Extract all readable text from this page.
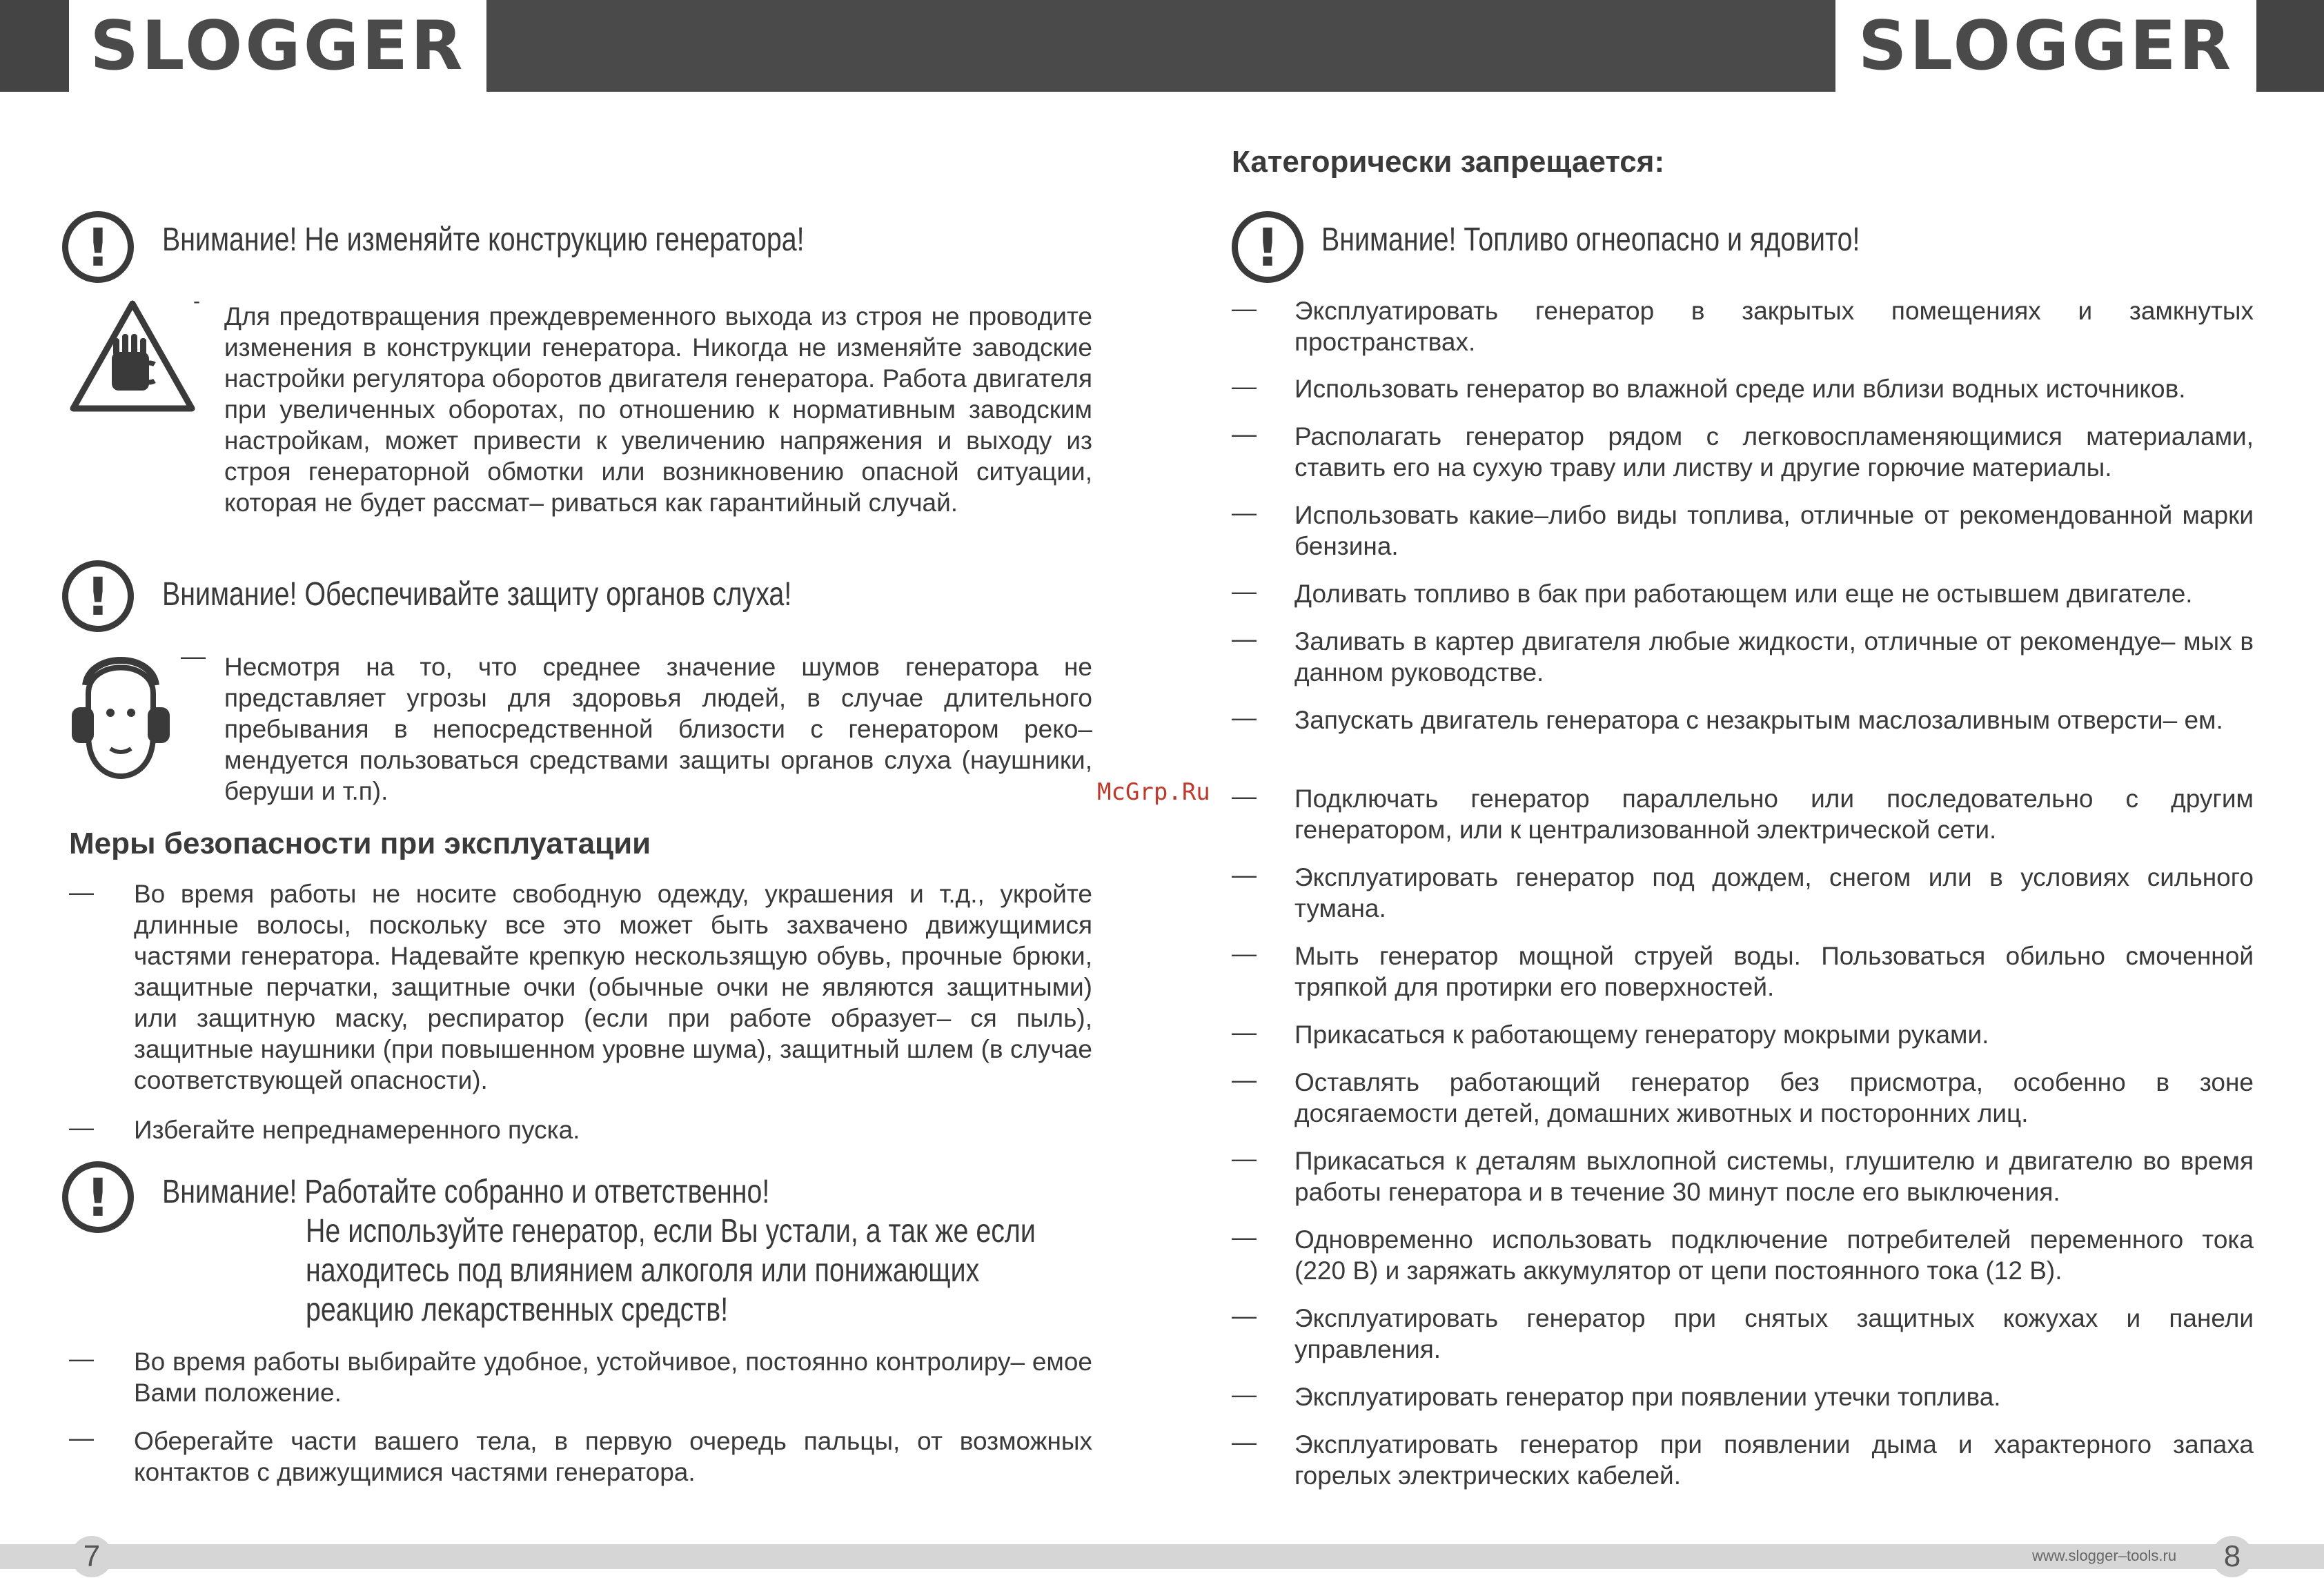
SLOGGER	SLOGGER
! Внимание! Не изменяйте конструкцию генератора!
-
Для предотвращения преждевременного выхода из строя не проводите изменения в конструкции генератора. Никогда не изменяйте заводские настройки регулятора оборотов двигателя генератора. Работа двигателя при увеличенных оборотах, по отношению к нормативным заводским настройкам, может привести к увеличению напряжения и выходу из строя генераторной обмотки или возникновению опасной ситуации, которая не будет рассмат– риваться как гарантийный случай.
! Внимание! Обеспечивайте защиту органов слуха!
— Несмотря на то, что среднее значение шумов генератора не представляет угрозы для здоровья людей, в случае длительного пребывания в непосредственной близости с генератором реко– мендуется пользоваться средствами защиты органов слуха (наушники, беруши и т.п).	McGrp.Ru
Меры безопасности при эксплуатации
— Во время работы не носите свободную одежду, украшения и т.д., укройте длинные волосы, поскольку все это может быть захвачено движущимися частями генератора. Надевайте крепкую нескользящую обувь, прочные брюки, защитные перчатки, защитные очки (обычные очки не являются защитными) или защитную маску, респиратор (если при работе образует– ся пыль), защитные наушники (при повышенном уровне шума), защитный шлем (в случае соответствующей опасности).
— Избегайте непреднамеренного пуска.
! Внимание! Работайте собранно и ответственно!
Не используйте генератор, если Вы устали, а так же если
находитесь под влиянием алкоголя или понижающих
реакцию лекарственных средств!
— Во время работы выбирайте удобное, устойчивое, постоянно контролиру– емое Вами положение.
— Оберегайте части вашего тела, в первую очередь пальцы, от возможных контактов с движущимися частями генератора.
Категорически запрещается:
! Внимание! Топливо огнеопасно и ядовито!
— Эксплуатировать генератор в закрытых помещениях и замкнутых пространствах.
— Использовать генератор во влажной среде или вблизи водных источников.
— Располагать генератор рядом с легковоспламеняющимися материалами, ставить его на сухую траву или листву и другие горючие материалы.
— Использовать какие–либо виды топлива, отличные от рекомендованной марки бензина.
— Доливать топливо в бак при работающем или еще не остывшем двигателе.
— Заливать в картер двигателя любые жидкости, отличные от рекомендуе– мых в данном руководстве.
— Запускать двигатель генератора с незакрытым маслозаливным отверсти– ем.
— Подключать генератор параллельно или последовательно с другим генератором, или к централизованной электрической сети.
— Эксплуатировать генератор под дождем, снегом или в условиях сильного тумана.
— Мыть генератор мощной струей воды. Пользоваться обильно смоченной тряпкой для протирки его поверхностей.
— Прикасаться к работающему генератору мокрыми руками.
— Оставлять работающий генератор без присмотра, особенно в зоне досягаемости детей, домашних животных и посторонних лиц.
— Прикасаться к деталям выхлопной системы, глушителю и двигателю во время работы генератора и в течение 30 минут после его выключения.
— Одновременно использовать подключение потребителей переменного тока (220 В) и заряжать аккумулятор от цепи постоянного тока (12 В).
— Эксплуатировать генератор при снятых защитных кожухах и панели управления.
— Эксплуатировать генератор при появлении утечки топлива.
— Эксплуатировать генератор при появлении дыма и характерного запаха горелых электрических кабелей.
7	www.slogger–tools.ru	8
